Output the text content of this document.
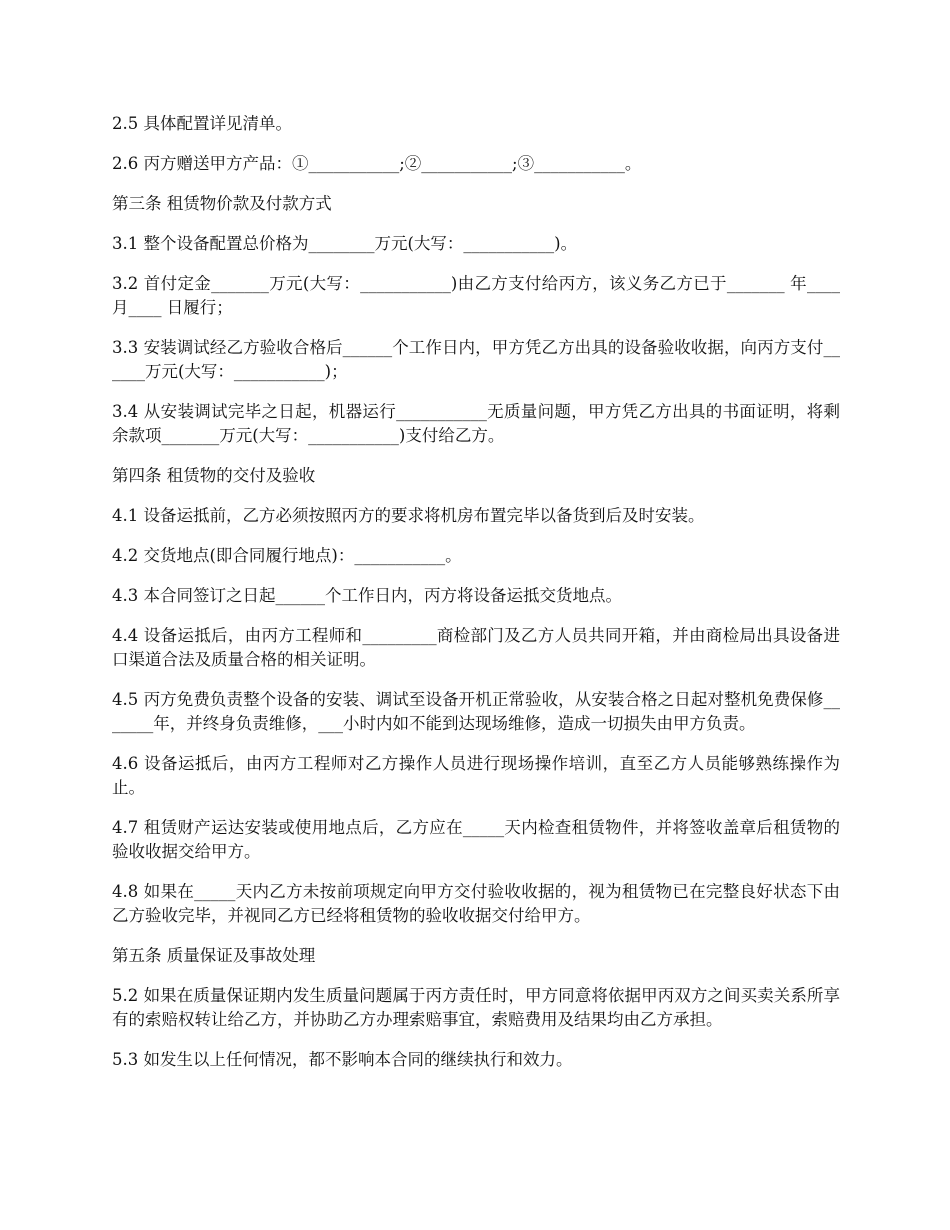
2.5 具体配置详见清单。

2.6 丙方赠送甲方产品：①___________;②___________;③___________。

第三条 租赁物价款及付款方式

3.1 整个设备配置总价格为________万元(大写：___________)。

3.2 首付定金_______万元(大写：___________)由乙方支付给丙方，该义务乙方已于_______ 年____ 月____ 日履行；

3.3 安装调试经乙方验收合格后______个工作日内，甲方凭乙方出具的设备验收收据，向丙方支付______万元(大写：___________)；

3.4 从安装调试完毕之日起，机器运行___________无质量问题，甲方凭乙方出具的书面证明，将剩余款项_______万元(大写：___________)支付给乙方。

第四条 租赁物的交付及验收

4.1 设备运抵前，乙方必须按照丙方的要求将机房布置完毕以备货到后及时安装。

4.2 交货地点(即合同履行地点)：___________。

4.3 本合同签订之日起______个工作日内，丙方将设备运抵交货地点。

4.4 设备运抵后，由丙方工程师和_________商检部门及乙方人员共同开箱，并由商检局出具设备进口渠道合法及质量合格的相关证明。

4.5 丙方免费负责整个设备的安装、调试至设备开机正常验收，从安装合格之日起对整机免费保修_______年，并终身负责维修，___小时内如不能到达现场维修，造成一切损失由甲方负责。

4.6 设备运抵后，由丙方工程师对乙方操作人员进行现场操作培训，直至乙方人员能够熟练操作为止。

4.7 租赁财产运达安装或使用地点后，乙方应在_____天内检查租赁物件，并将签收盖章后租赁物的验收收据交给甲方。

4.8 如果在_____天内乙方未按前项规定向甲方交付验收收据的，视为租赁物已在完整良好状态下由乙方验收完毕，并视同乙方已经将租赁物的验收收据交付给甲方。

第五条 质量保证及事故处理

5.2 如果在质量保证期内发生质量问题属于丙方责任时，甲方同意将依据甲丙双方之间买卖关系所享有的索赔权转让给乙方，并协助乙方办理索赔事宜，索赔费用及结果均由乙方承担。

5.3 如发生以上任何情况，都不影响本合同的继续执行和效力。
